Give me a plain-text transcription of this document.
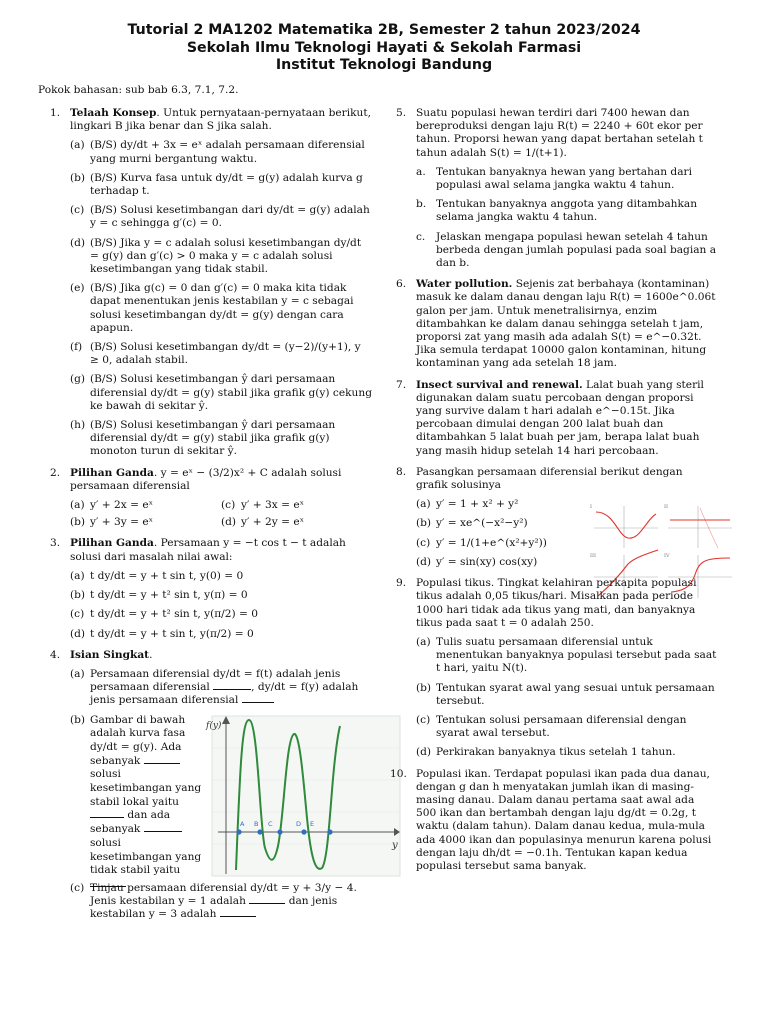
Tutorial 2 MA1202 Matematika 2B, Semester 2 tahun 2023/2024
Sekolah Ilmu Teknologi Hayati & Sekolah Farmasi
Institut Teknologi Bandung
Pokok bahasan: sub bab 6.3, 7.1, 7.2.
1. Telaah Konsep. Untuk pernyataan-pernyataan berikut, lingkari B jika benar dan S jika salah.
(a) (B/S) dy/dt + 3x = eˣ adalah persamaan diferensial yang murni bergantung waktu.
(b) (B/S) Kurva fasa untuk dy/dt = g(y) adalah kurva g terhadap t.
(c) (B/S) Solusi kesetimbangan dari dy/dt = g(y) adalah y = c sehingga g′(c) = 0.
(d) (B/S) Jika y = c adalah solusi kesetimbangan dy/dt = g(y) dan g′(c) > 0 maka y = c adalah solusi kesetimbangan yang tidak stabil.
(e) (B/S) Jika g(c) = 0 dan g′(c) = 0 maka kita tidak dapat menentukan jenis kestabilan y = c sebagai solusi kesetimbangan dy/dt = g(y) dengan cara apapun.
(f) (B/S) Solusi kesetimbangan dy/dt = (y−2)/(y+1), y ≥ 0, adalah stabil.
(g) (B/S) Solusi kesetimbangan ŷ dari persamaan diferensial dy/dt = g(y) stabil jika grafik g(y) cekung ke bawah di sekitar ŷ.
(h) (B/S) Solusi kesetimbangan ŷ dari persamaan diferensial dy/dt = g(y) stabil jika grafik g(y) monoton turun di sekitar ŷ.
2. Pilihan Ganda. y = eˣ − (3/2)x² + C adalah solusi persamaan diferensial
(a) y′ + 2x = eˣ	(c) y′ + 3x = eˣ
(b) y′ + 3y = eˣ	(d) y′ + 2y = eˣ
3. Pilihan Ganda. Persamaan y = −t cos t − t adalah solusi dari masalah nilai awal:
(a) t dy/dt = y + t sin t, y(0) = 0
(b) t dy/dt = y + t² sin t, y(π) = 0
(c) t dy/dt = y + t² sin t, y(π/2) = 0
(d) t dy/dt = y + t sin t, y(π/2) = 0
4. Isian Singkat.
(a) Persamaan diferensial dy/dt = f(t) adalah jenis persamaan diferensial	, dy/dt = f(y) adalah jenis persamaan diferensial
(b) Gambar di bawah adalah kurva fasa dy/dt = g(y). Ada sebanyak  solusi kesetimbangan yang stabil lokal yaitu  dan ada sebanyak  solusi kesetimbangan yang tidak stabil yaitu
f(y)
y
A B C	D E
(c) Tinjau persamaan diferensial dy/dt = y + 3/y − 4. Jenis kestabilan y = 1 adalah	dan jenis kestabilan y = 3 adalah
5. Suatu populasi hewan terdiri dari 7400 hewan dan bereproduksi dengan laju R(t) = 2240 + 60t ekor per tahun. Proporsi hewan yang dapat bertahan setelah t tahun adalah S(t) = 1/(t+1).
a. Tentukan banyaknya hewan yang bertahan dari populasi awal selama jangka waktu 4 tahun.
b. Tentukan banyaknya anggota yang ditambahkan selama jangka waktu 4 tahun.
c. Jelaskan mengapa populasi hewan setelah 4 tahun berbeda dengan jumlah populasi pada soal bagian a dan b.
6. Water pollution. Sejenis zat berbahaya (kontaminan) masuk ke dalam danau dengan laju R(t) = 1600e^0.06t galon per jam. Untuk menetralisirnya, enzim ditambahkan ke dalam danau sehingga setelah t jam, proporsi zat yang masih ada adalah S(t) = e^−0.32t. Jika semula terdapat 10000 galon kontaminan, hitung kontaminan yang ada setelah 18 jam.
7. Insect survival and renewal. Lalat buah yang steril digunakan dalam suatu percobaan dengan proporsi yang survive dalam t hari adalah e^−0.15t. Jika percobaan dimulai dengan 200 lalat buah dan ditambahkan 5 lalat buah per jam, berapa lalat buah yang masih hidup setelah 14 hari percobaan.
8. Pasangkan persamaan diferensial berikut dengan grafik solusinya
(a) y′ = 1 + x² + y²
(b) y′ = xe^(−x²−y²)
(c) y′ = 1/(1+e^(x²+y²))
(d) y′ = sin(xy) cos(xy)
I	II
III	IV
9. Populasi tikus. Tingkat kelahiran perkapita populasi tikus adalah 0,05 tikus/hari. Misalkan pada periode 1000 hari tidak ada tikus yang mati, dan banyaknya tikus pada saat t = 0 adalah 250.
(a) Tulis suatu persamaan diferensial untuk menentukan banyaknya populasi tersebut pada saat t hari, yaitu N(t).
(b) Tentukan syarat awal yang sesuai untuk persamaan tersebut.
(c) Tentukan solusi persamaan diferensial dengan syarat awal tersebut.
(d) Perkirakan banyaknya tikus setelah 1 tahun.
10. Populasi ikan. Terdapat populasi ikan pada dua danau, dengan g dan h menyatakan jumlah ikan di masing-masing danau. Dalam danau pertama saat awal ada 500 ikan dan bertambah dengan laju dg/dt = 0.2g, t waktu (dalam tahun). Dalam danau kedua, mula-mula ada 4000 ikan dan populasinya menurun karena polusi dengan laju dh/dt = −0.1h. Tentukan kapan kedua populasi tersebut sama banyak.
